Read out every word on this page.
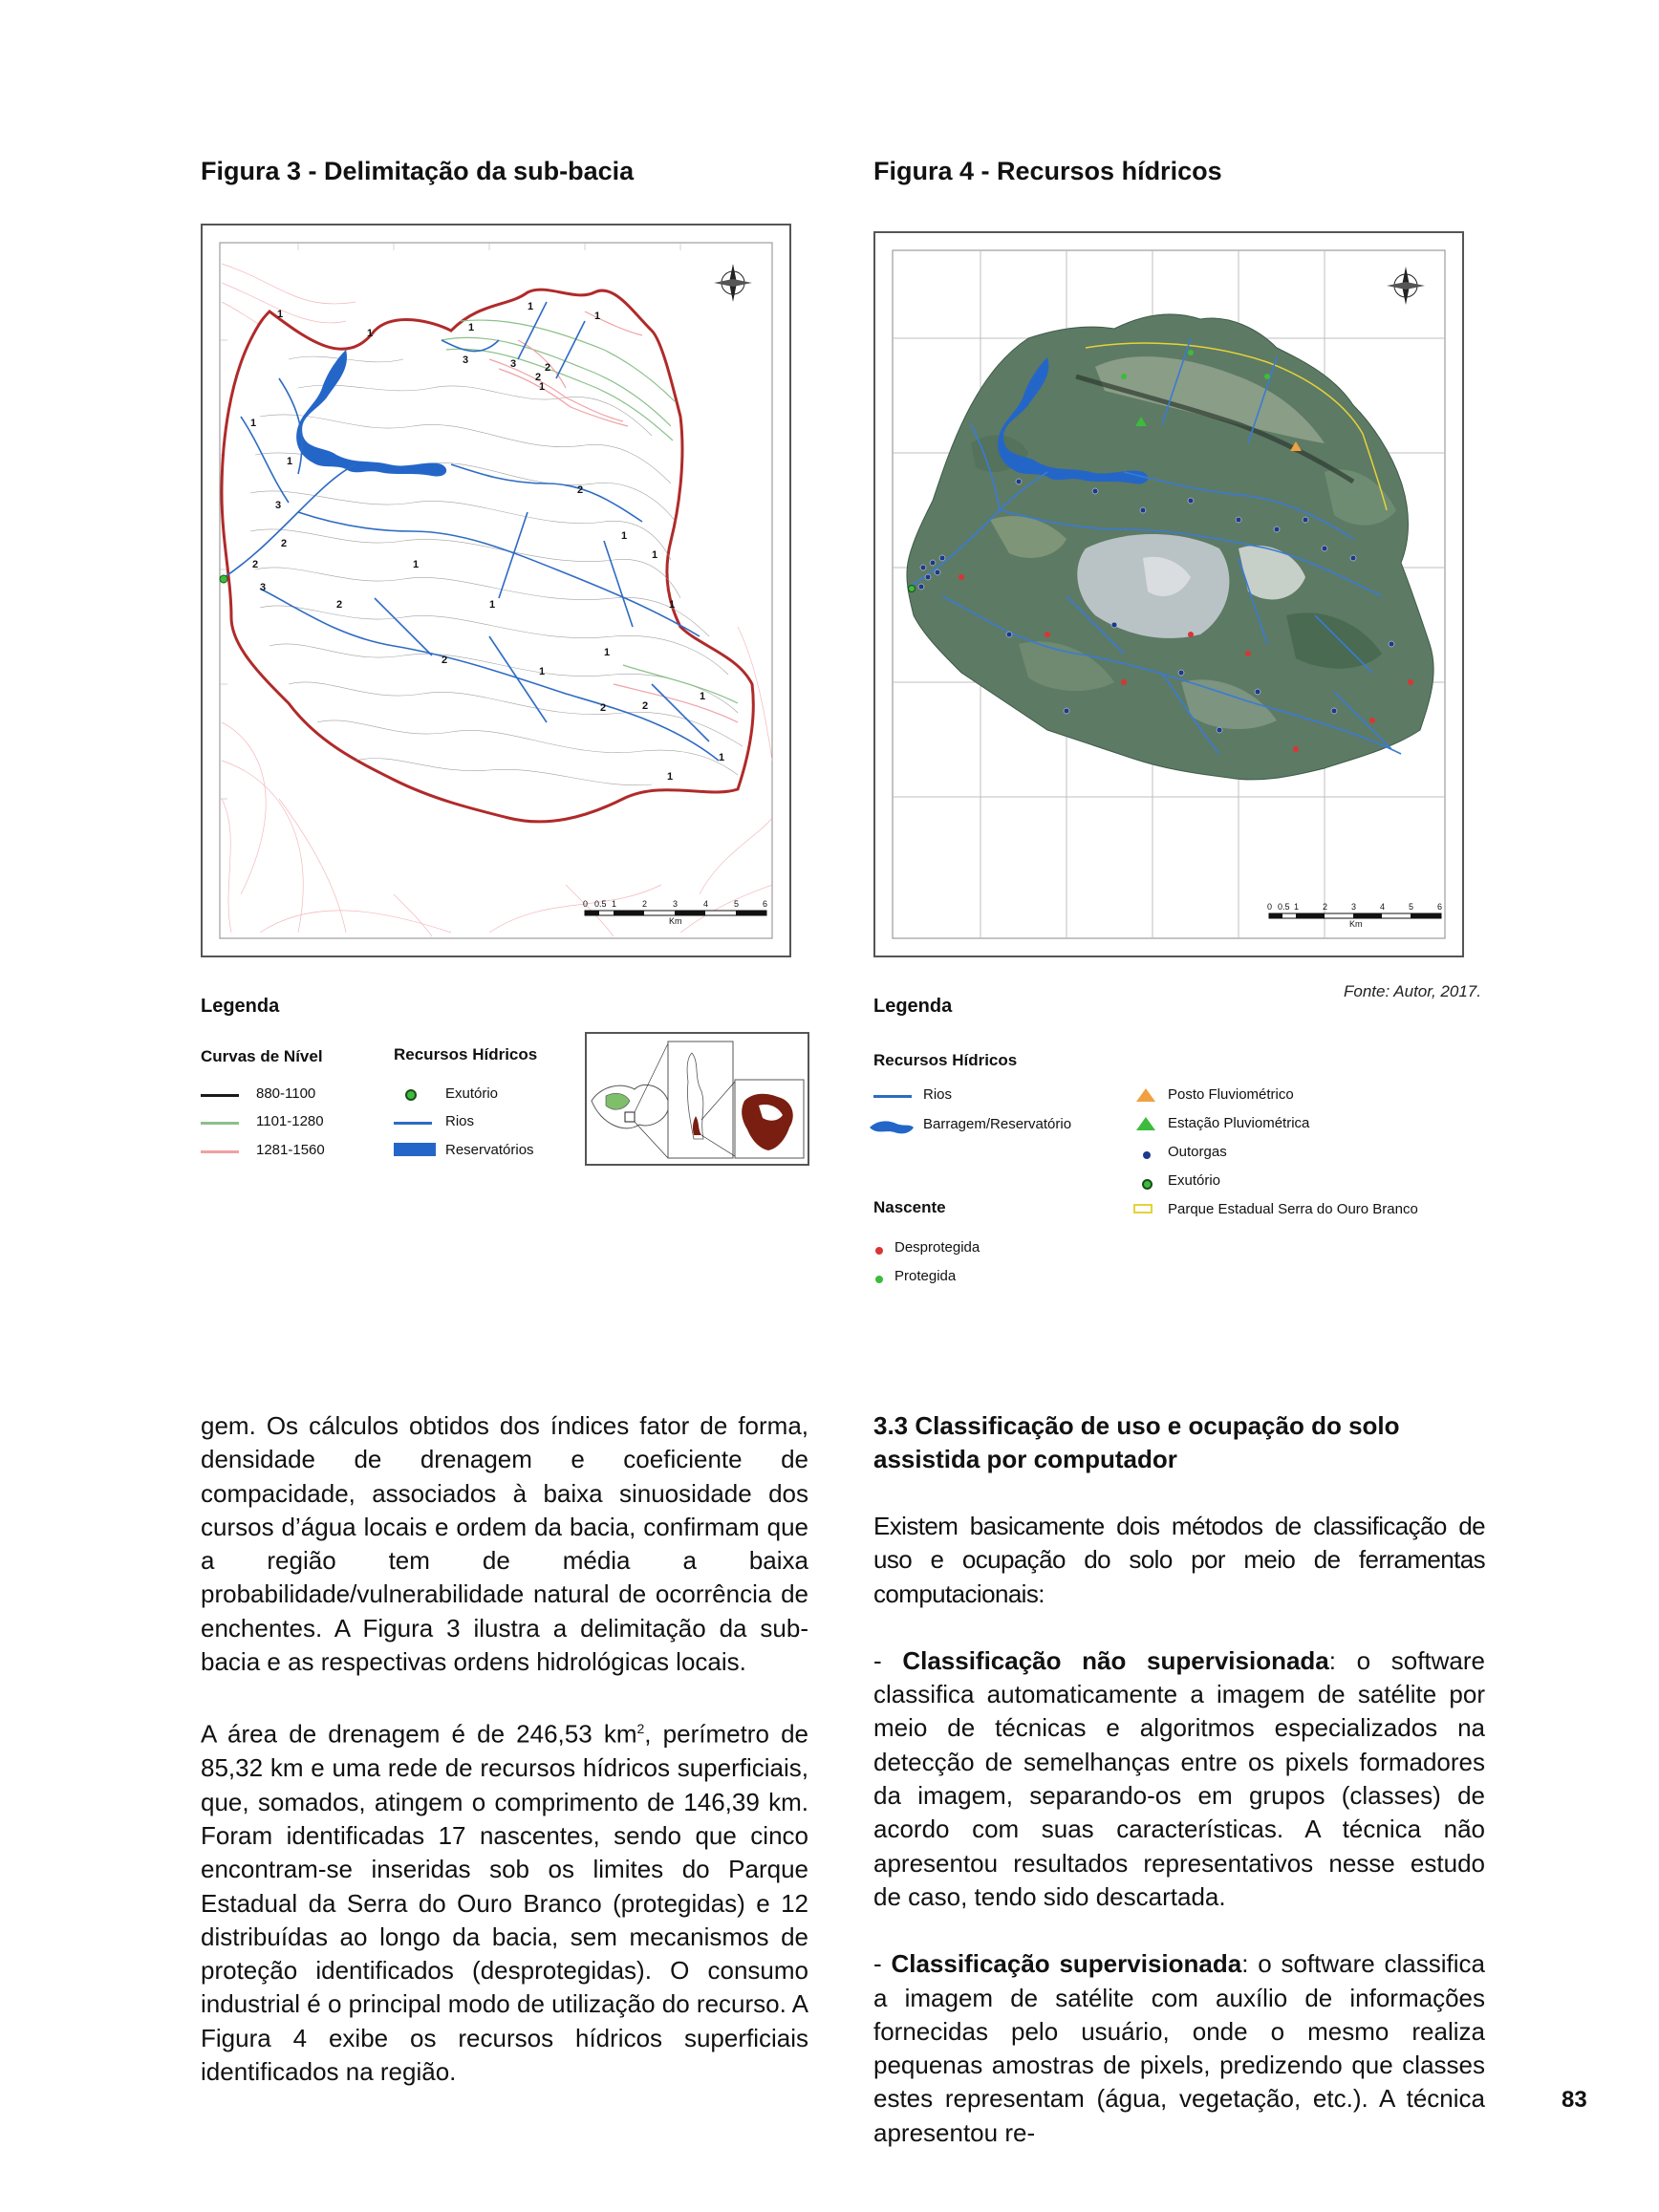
Figura 3 - Delimitação da sub-bacia
1
1	1
1
1
3	3	2
2
1
1
1
3
2
2
3
1
2
1
1
1
1
2
2
1
1
2
1
1
1
2
0 0.5 1	2	3	4	5	6
Km
Legenda
Curvas de Nível	Recursos Hídricos
880-1100
1101-1280
1281-1560
Exutório
Rios
Reservatórios
Figura 4 - Recursos hídricos
0 0.5 1	2	3	4	5	6
Km
Fonte: Autor, 2017.
Legenda
Recursos Hídricos
Rios
Barragem/Reservatório
Posto Fluviométrico
Estação Pluviométrica
Outorgas
Exutório
Parque Estadual Serra do Ouro Branco
Nascente
Desprotegida
Protegida

gem. Os cálculos obtidos dos índices fator de forma, densidade de drenagem e coeficiente de compacidade, associados à baixa sinuosidade dos cursos d’água locais e ordem da bacia, confirmam que a região tem de média a baixa probabilidade/vulnerabilidade natural de ocorrência de enchentes. A Figura 3 ilustra a delimitação da sub-bacia e as respectivas ordens hidrológicas locais.

A área de drenagem é de 246,53 $km^2$, perímetro de 85,32 km e uma rede de recursos hídricos superficiais, que, somados, atingem o comprimento de 146,39 km. Foram identificadas 17 nascentes, sendo que cinco encontram-se inseridas sob os limites do Parque Estadual da Serra do Ouro Branco (protegidas) e 12 distribuídas ao longo da bacia, sem mecanismos de proteção identificados (desprotegidas). O consumo industrial é o principal modo de utilização do recurso. A Figura 4 exibe os recursos hídricos superficiais identificados na região.

3.3 Classificação de uso e ocupação do solo assistida por computador

Existem basicamente dois métodos de classificação de uso e ocupação do solo por meio de ferramentas computacionais:

- Classificação não supervisionada: o software classifica automaticamente a imagem de satélite por meio de técnicas e algoritmos especializados na detecção de semelhanças entre os pixels formadores da imagem, separando-os em grupos (classes) de acordo com suas características. A técnica não apresentou resultados representativos nesse estudo de caso, tendo sido descartada.

- Classificação supervisionada: o software classifica a imagem de satélite com auxílio de informações fornecidas pelo usuário, onde o mesmo realiza pequenas amostras de pixels, predizendo que classes estes representam (água, vegetação, etc.). A técnica apresentou re-

83
